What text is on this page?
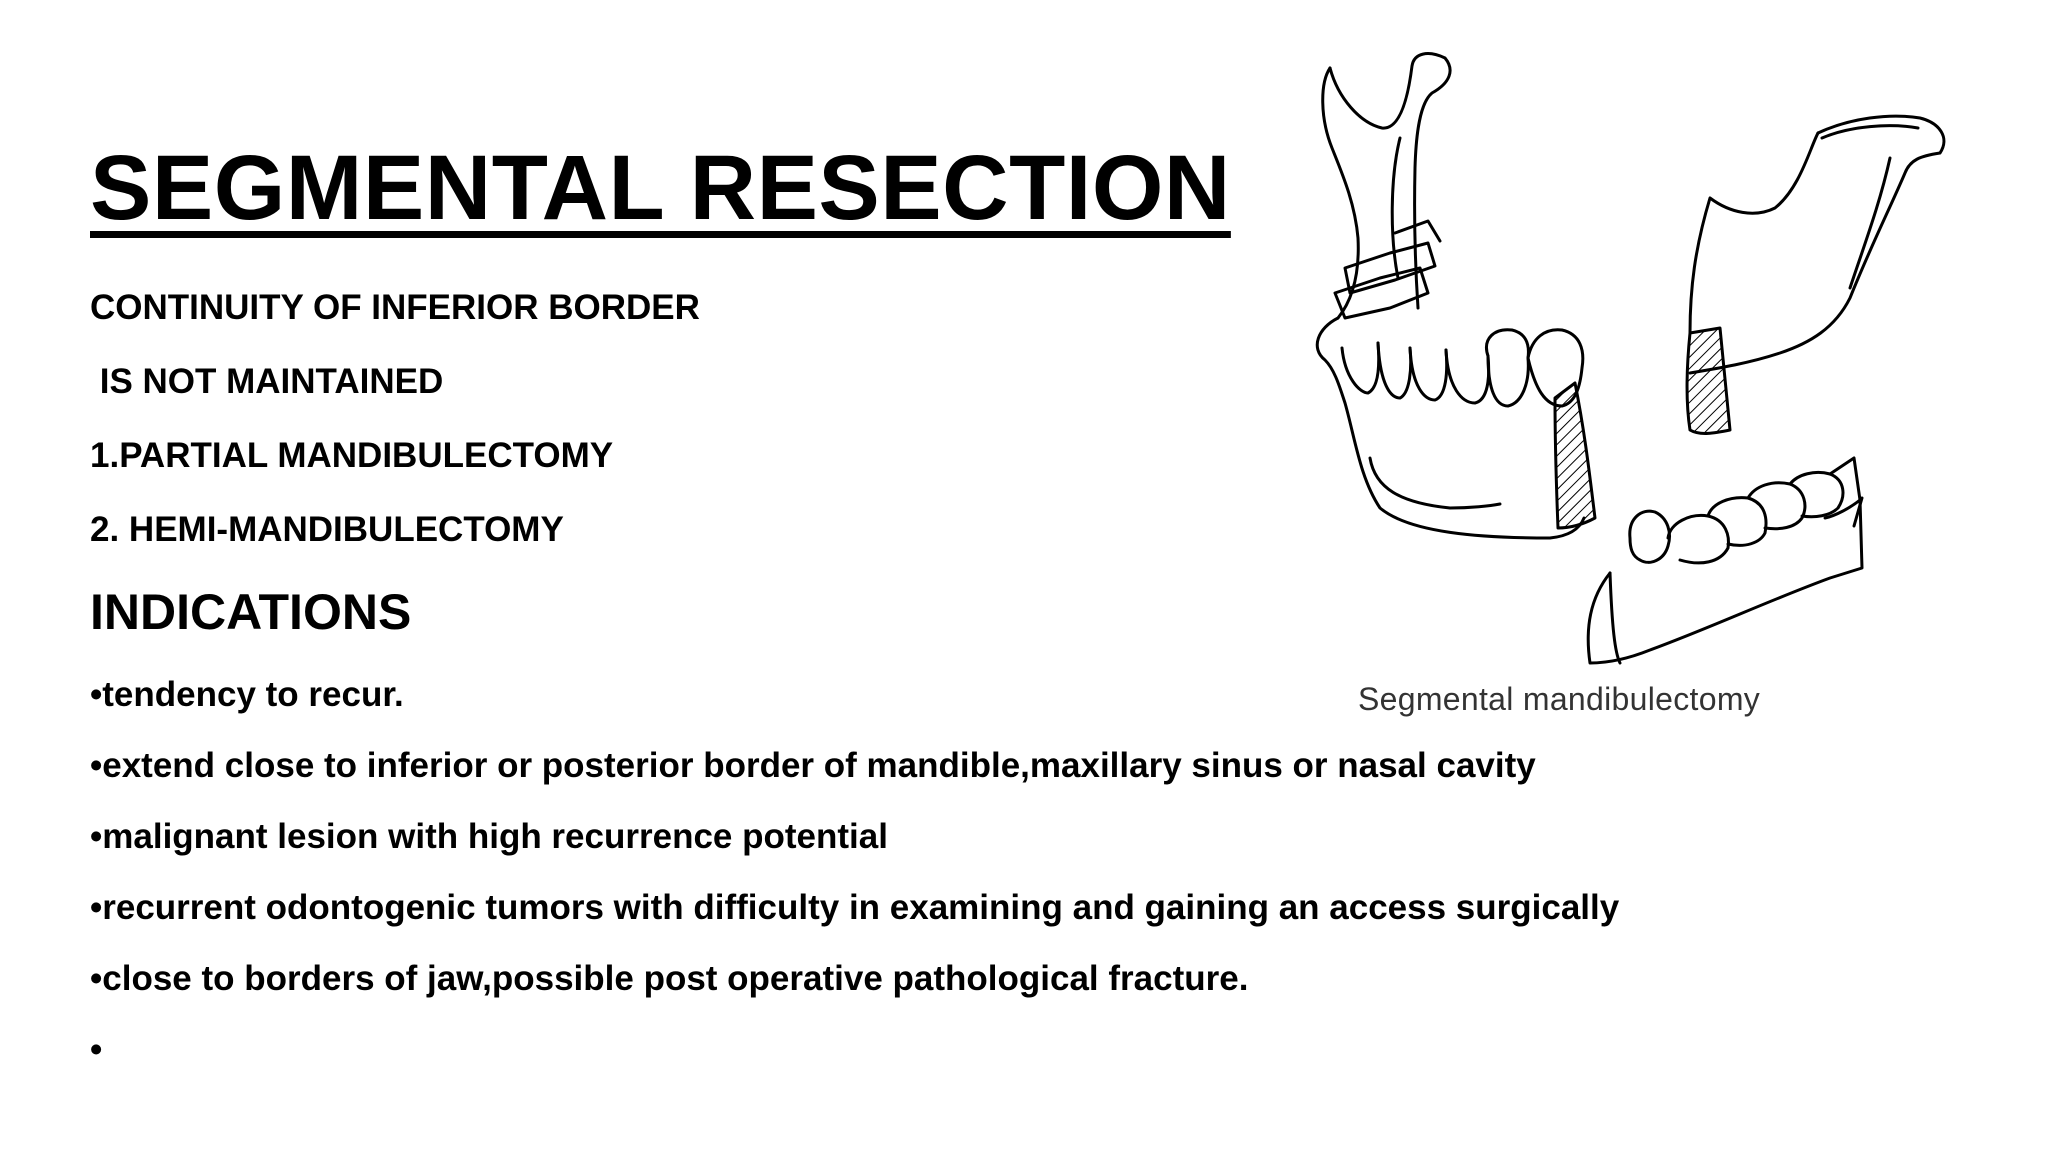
SEGMENTAL RESECTION
CONTINUITY OF INFERIOR BORDER
IS NOT MAINTAINED
1.PARTIAL MANDIBULECTOMY
2. HEMI-MANDIBULECTOMY
INDICATIONS
•tendency to recur.
•extend close to inferior or posterior border of mandible,maxillary sinus or nasal cavity
•malignant lesion with high recurrence potential
•recurrent odontogenic tumors with difficulty in examining and gaining an access surgically
•close to borders of jaw,possible post operative pathological fracture.
•
Segmental mandibulectomy
